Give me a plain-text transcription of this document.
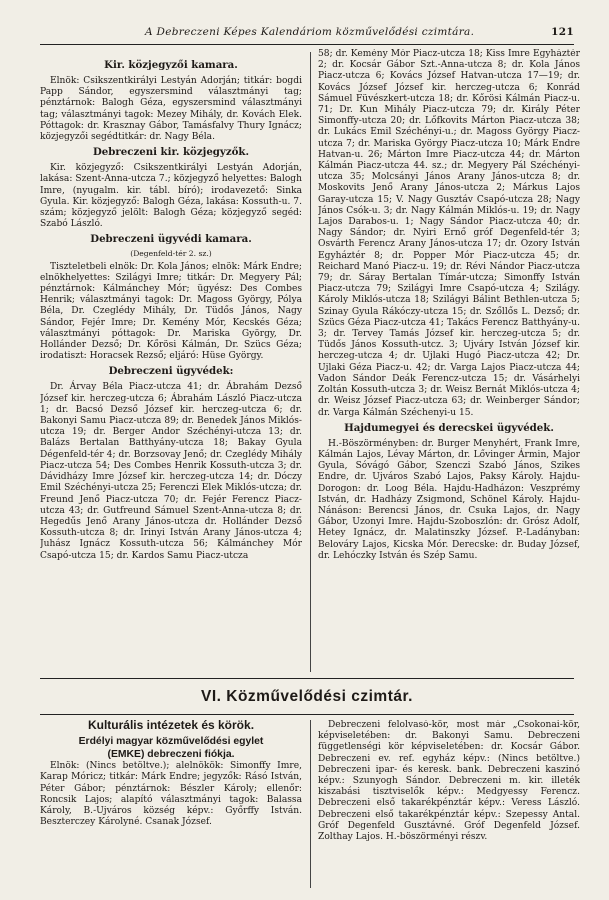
A Debreczeni Képes Kalendáriom közművelődési czimtára.	121
Kir. közjegyzői kamara.

Elnök: Csikszentkirályi Lestyán Adorján; titkár: bogdi Papp Sándor, egyszersmind választmányi tag; pénztárnok: Balogh Géza, egyszersmind választmányi tag; választmányi tagok: Mezey Mihály, dr. Kovách Elek. Póttagok: dr. Krasznay Gábor, Tamásfalvy Thury Ignácz; közjegyzői segédtitkár: dr. Nagy Béla.

Debreczeni kir. közjegyzők.

Kir. közjegyző: Csikszentkirályi Lestyán Adorján, lakása: Szent-Anna-utcza 7.; közjegyző helyettes: Balogh Imre, (nyugalm. kir. tábl. bíró); irodavezető: Sinka Gyula. Kir. közjegyző: Balogh Géza, lakása: Kossuth-u. 7. szám; közjegyző jelölt: Balogh Géza; közjegyző segéd: Szabó László.

Debreczeni ügyvédi kamara.
(Degenfeld-tér 2. sz.)

Tiszteletbeli elnök: Dr. Kola János; elnök: Márk Endre; elnökhelyettes: Szilágyi Imre; titkár: Dr. Megyery Pál; pénztárnok: Kálmánchey Mór; ügyész: Des Combes Henrik; választmányi tagok: Dr. Magoss György, Pólya Béla, Dr. Czeglédy Mihály, Dr. Tüdős János, Nagy Sándor, Fejér Imre; Dr. Kemény Mór, Kecskés Géza; választmányi póttagok: Dr. Mariska György, Dr. Hollánder Dezső; Dr. Kőrösi Kálmán, Dr. Szücs Géza; irodatiszt: Horacsek Rezső; eljáró: Hüse György.

Debreczeni ügyvédek:

Dr. Árvay Béla Piacz-utcza 41; dr. Ábrahám Dezső József kir. herczeg-utcza 6; Ábrahám László Piacz-utcza 1; dr. Bacsó Dezső József kir. herczeg-utcza 6; dr. Bakonyi Samu Piacz-utcza 89; dr. Benedek János Miklós-utcza 19; dr. Berger Andor Széchényi-utcza 13; dr. Balázs Bertalan Batthyány-utcza 18; Bakay Gyula Dégenfeld-tér 4; dr. Borzsovay Jenő; dr. Czeglédy Mihály Piacz-utcza 54; Des Combes Henrik Kossuth-utcza 3; dr. Dávidházy Imre József kir. herczeg-utcza 14; dr. Dóczy Emil Széchényi-utcza 25; Ferenczi Elek Miklós-utcza; dr. Freund Jenő Piacz-utcza 70; dr. Fejér Ferencz Piacz-utcza 43; dr. Gutfreund Sámuel Szent-Anna-utcza 8; dr. Hegedűs Jenő Arany János-utcza dr. Hollánder Dezső Kossuth-utcza 8; dr. Irinyi István Arany János-utcza 4; Juhász Ignácz Kossuth-utcza 56; Kálmánchey Mór Csapó-utcza 15; dr. Kardos Samu Piacz-utcza

58; dr. Kemény Mór Piacz-utcza 18; Kiss Imre Egyháztér 2; dr. Kocsár Gábor Szt.-Anna-utcza 8; dr. Kola János Piacz-utcza 6; Kovács József Hatvan-utcza 17—19; dr. Kovács József József kir. herczeg-utcza 6; Konrád Sámuel Füvészkert-utcza 18; dr. Kőrösi Kálmán Piacz-u. 71; Dr. Kun Mihály Piacz-utcza 79; dr. Király Péter Simonffy-utcza 20; dr. Lőfkovits Márton Piacz-utcza 38; dr. Lukács Emil Széchényi-u.; dr. Magoss György Piacz-utcza 7; dr. Mariska György Piacz-utcza 10; Márk Endre Hatvan-u. 26; Márton Imre Piacz-utcza 44; dr. Márton Kálmán Piacz-utcza 44. sz.; dr. Megyery Pál Széchényi-utcza 35; Molcsányi János Arany János-utcza 8; dr. Moskovits Jenő Arany János-utcza 2; Márkus Lajos Garay-utcza 15; V. Nagy Gusztáv Csapó-utcza 28; Nagy János Csók-u. 3; dr. Nagy Kálmán Miklós-u. 19; dr. Nagy Lajos Darabos-u. 1; Nagy Sándor Piacz-utcza 40; dr. Nagy Sándor; dr. Nyiri Ernő gróf Degenfeld-tér 3; Osvárth Ferencz Arany János-utcza 17; dr. Ozory István Egyháztér 8; dr. Popper Mór Piacz-utcza 45; dr. Reichard Manó Piacz-u. 19; dr. Révi Nándor Piacz-utcza 79; dr. Sáray Bertalan Tímár-utcza; Simonffy István Piacz-utcza 79; Szilágyi Imre Csapó-utcza 4; Szilágy. Károly Miklós-utcza 18; Szilágyi Bálint Bethlen-utcza 5; Szinay Gyula Rákóczy-utcza 15; dr. Szőllős L. Dezső; dr. Szücs Géza Piacz-utcza 41; Takács Ferencz Batthyány-u. 3; dr. Tervey Tamás József kir. herczeg-utcza 5; dr. Tüdős János Kossuth-utcz. 3; Ujváry István József kir. herczeg-utcza 4; dr. Ujlaki Hugó Piacz-utcza 42; Dr. Ujlaki Géza Piacz-u. 42; dr. Varga Lajos Piacz-utcza 44; Vadon Sándor Deák Ferencz-utcza 15; dr. Vásárhelyi Zoltán Kossuth-utcza 3; dr. Weisz Bernát Miklós-utcza 4; dr. Weisz József Piacz-utcza 63; dr. Weinberger Sándor; dr. Varga Kálmán Széchenyi-u 15.

Hajdumegyei és derecskei ügyvédek.

H.-Böszörményben: dr. Burger Menyhért, Frank Imre, Kálmán Lajos, Lévay Márton, dr. Lővinger Ármin, Major Gyula, Sóvágó Gábor, Szenczi Szabó János, Szikes Endre, dr. Ujváros Szabó Lajos, Paksy Károly. Hajdu-Dorogon: dr. Loog Béla. Hajdu-Hadházon: Veszprémy István, dr. Hadházy Zsigmond, Schönel Károly. Hajdu-Nánáson: Berencsi János, dr. Csuka Lajos, dr. Nagy Gábor, Uzonyi Imre. Hajdu-Szoboszlón: dr. Grósz Adolf, Hetey Ignácz, dr. Malatinszky József. P.-Ladányban: Belováry Lajos, Kicska Mór. Derecske: dr. Buday József, dr. Lehóczky István és Szép Samu.

VI. Közművelődési czimtár.
Kulturális intézetek és körök.
Erdélyi magyar közművelődési egylet
(EMKE) debreczeni fiókja.

Elnök: (Nincs betöltve.); alelnökök: Simonffy Imre, Karap Móricz; titkár: Márk Endre; jegyzők: Rásó István, Péter Gábor; pénztárnok: Bészler Károly; ellenőr: Roncsik Lajos; alapító választmányi tagok: Balassa Károly, B.-Ujváros község képv.: Győrffy István. Beszterczey Károlyné. Csanak József.

Debreczeni felolvasó-kör, most már „Csokonai-kör, képviseletében: dr. Bakonyi Samu. Debreczeni függetlenségi kör képviseletében: dr. Kocsár Gábor. Debreczeni ev. ref. egyház képv.: (Nincs betöltve.) Debreczeni ipar- és keresk. bank. Debreczeni kaszinó képv.: Szunyogh Sándor. Debreczeni m. kir. illeték kiszabási tisztviselők képv.: Medgyessy Ferencz. Debreczeni első takarékpénztár képv.: Veress László. Debreczeni első takarékpénztár képv.: Szepessy Antal. Gróf Degenfeld Gusztávné. Gróf Degenfeld József. Zolthay Lajos. H.-böszörményi részv.
